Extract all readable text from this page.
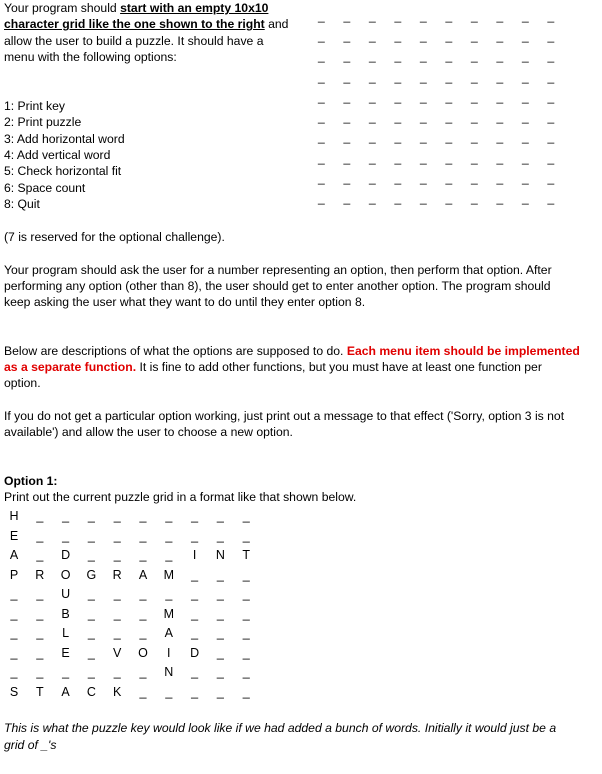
Your program should start with an empty 10x10
character grid like the one shown to the right and
allow the user to build a puzzle. It should have a
menu with the following options:
_ _ _ _ _ _ _ _ _ _
_ _ _ _ _ _ _ _ _ _
_ _ _ _ _ _ _ _ _ _
_ _ _ _ _ _ _ _ _ _
_ _ _ _ _ _ _ _ _ _
_ _ _ _ _ _ _ _ _ _
_ _ _ _ _ _ _ _ _ _
_ _ _ _ _ _ _ _ _ _
_ _ _ _ _ _ _ _ _ _
_ _ _ _ _ _ _ _ _ _
1: Print key
2: Print puzzle
3: Add horizontal word
4: Add vertical word
5: Check horizontal fit
6: Space count
8: Quit
(7 is reserved for the optional challenge).
Your program should ask the user for a number representing an option, then perform that option. After
performing any option (other than 8), the user should get to enter another option. The program should
keep asking the user what they want to do until they enter option 8.
Below are descriptions of what the options are supposed to do. Each menu item should be implemented
as a separate function. It is fine to add other functions, but you must have at least one function per
option.
If you do not get a particular option working, just print out a message to that effect ('Sorry, option 3 is not
available') and allow the user to choose a new option.
Option 1:
Print out the current puzzle grid in a format like that shown below.
H	_	_	_	_	_	_	_	_	_
E	_	_	_	_	_	_	_	_	_
A	_	D	_	_	_	_	I	N	T
P	R	O	G	R	A	M	_	_	_
_	_	U	_	_	_	_	_	_	_
_	_	B	_	_	_	M	_	_	_
_	_	L	_	_	_	A	_	_	_
_	_	E	_	V	O	I	D	_	_
_	_	_	_	_	_	N	_	_	_
S	T	A	C	K	_	_	_	_	_
This is what the puzzle key would look like if we had added a bunch of words. Initially it would just be a
grid of _'s
